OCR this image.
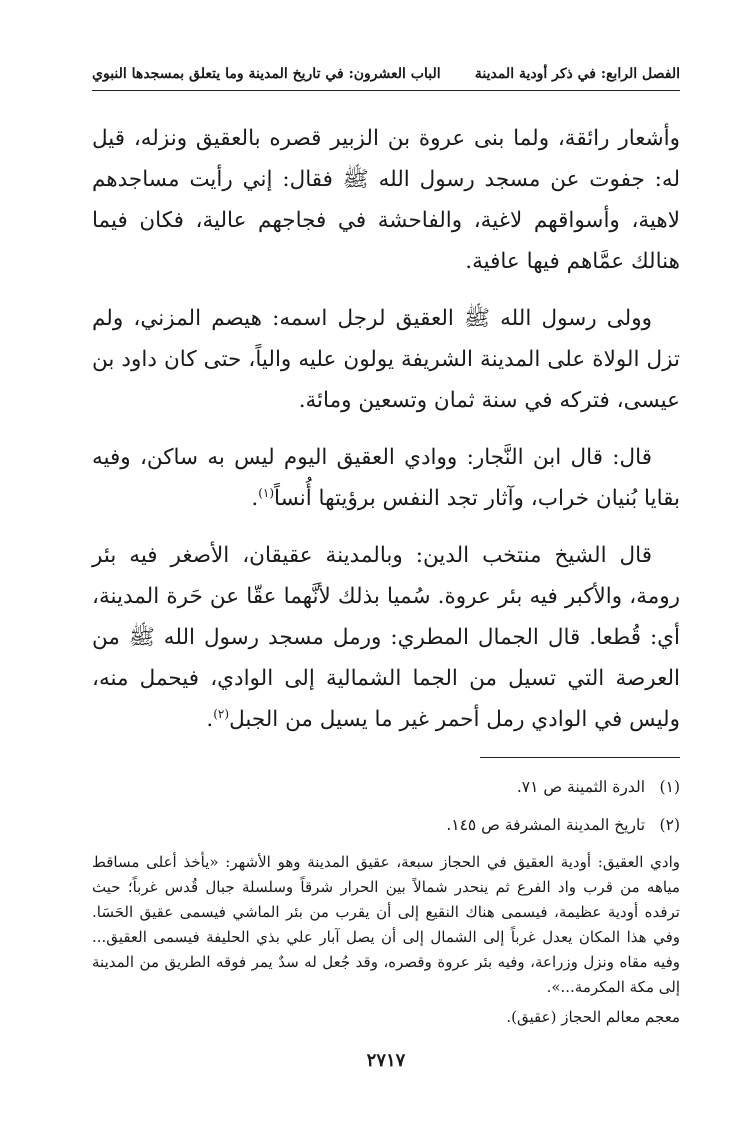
الفصل الرابع: في ذكر أودية المدينة
الباب العشرون: في تاريخ المدينة وما يتعلق بمسجدها النبوي

وأشعار رائقة، ولما بنى عروة بن الزبير قصره بالعقيق ونزله، قيل له: جفوت عن مسجد رسول الله ﷺ فقال: إني رأيت مساجدهم لاهية، وأسواقهم لاغية، والفاحشة في فجاجهم عالية، فكان فيما هنالك عمَّاهم فيها عافية.

وولى رسول الله ﷺ العقيق لرجل اسمه: هيصم المزني، ولم تزل الولاة على المدينة الشريفة يولون عليه والياً، حتى كان داود بن عيسى، فتركه في سنة ثمان وتسعين ومائة.

قال: قال ابن النَّجار: ووادي العقيق اليوم ليس به ساكن، وفيه بقايا بُنيان خراب، وآثار تجد النفس برؤيتها أُنساً$^{(١)}$.

قال الشيخ منتخب الدين: وبالمدينة عقيقان، الأصغر فيه بئر رومة، والأكبر فيه بئر عروة. سُميا بذلك لأنَّهما عقّا عن حَرة المدينة، أي: قُطعا. قال الجمال المطري: ورمل مسجد رسول الله ﷺ من العرصة التي تسيل من الجما الشمالية إلى الوادي، فيحمل منه، وليس في الوادي رمل أحمر غير ما يسيل من الجبل$^{(٢)}$.

(١) الدرة الثمينة ص ٧١.
(٢) تاريخ المدينة المشرفة ص ١٤٥.

وادي العقيق: أودية العقيق في الحجاز سبعة، عقيق المدينة وهو الأشهر: «يأخذ أعلى مساقط مياهه من قرب واد الفرع ثم ينحدر شمالاً بين الحرار شرقاً وسلسلة جبال قُدس غرباً؛ حيث ترفده أودية عظيمة، فيسمى هناك النقيع إلى أن يقرب من بئر الماشي فيسمى عقيق الحَسَا. وفي هذا المكان يعدل غرباً إلى الشمال إلى أن يصل آبار علي بذي الحليفة فيسمى العقيق... وفيه مقاه ونزل وزراعة، وفيه بئر عروة وقصره، وقد جُعل له سدٌ يمر فوقه الطريق من المدينة إلى مكة المكرمة...».

معجم معالم الحجاز (عقيق).
٢٧١٧
